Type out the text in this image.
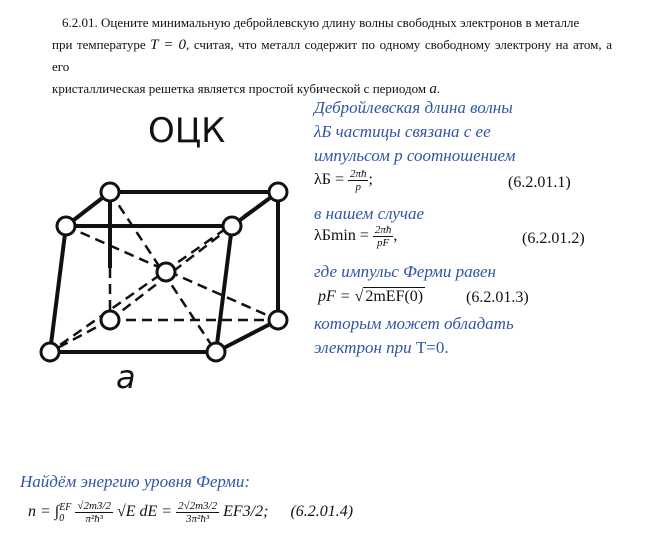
6.2.01. Оцените минимальную дебройлевскую длину волны свободных электронов в металле
при температуре T = 0, считая, что металл содержит по одному свободному электрону на атом, а его
кристаллическая решетка является простой кубической с периодом a.
ОЦК
a
Дебройлевская длина волны
λБ частицы связана с ее
импульсом p соотношением
$\lambda Б = \frac{2\pi ħ}{p}$ ;	(6.2.01.1)
в нашем случае
$\lambda Б\min = \frac{2\pi ħ}{pF}$ ,	(6.2.01.2)
где импульс Ферми равен
pF = √ 2mEF(0)	(6.2.01.3)
которым может обладать
электрон при T=0.
Найдём энергию уровня Ферми:
n = ∫ EF
0
	$\frac{√2m3/2}{\text{π²ħ³}} √E$ dE = $\frac{2√2m3/2}{\text{3π²ħ³}} EF3/2$; (6.2.01.4)
